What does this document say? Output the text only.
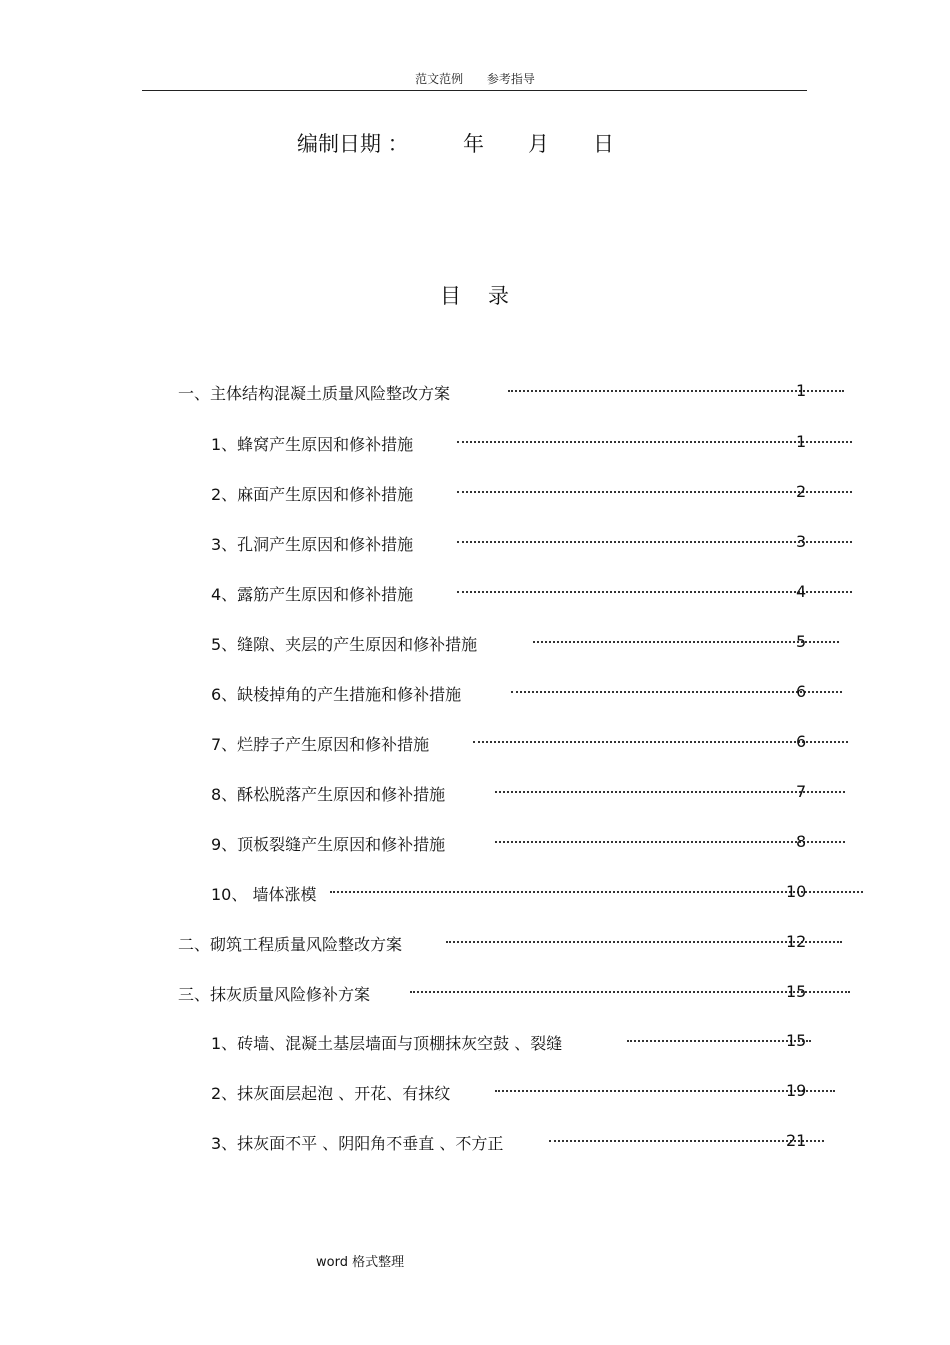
范文范例 参考指导
编制日期 ：	年 月 日
目 录
一、主体结构混凝土质量风险整改方案	1
1、蜂窝产生原因和修补措施	1
2、麻面产生原因和修补措施	2
3、孔洞产生原因和修补措施	3
4、露筋产生原因和修补措施	4
5、缝隙、夹层的产生原因和修补措施	5
6、缺棱掉角的产生措施和修补措施	6
7、烂脖子产生原因和修补措施	6
8、酥松脱落产生原因和修补措施	7
9、顶板裂缝产生原因和修补措施	8
10、 墙体涨模	10
二、砌筑工程质量风险整改方案	12
三、抹灰质量风险修补方案	15
1、砖墙、混凝土基层墙面与顶棚抹灰空鼓 、裂缝	15
2、抹灰面层起泡 、开花、有抹纹	19
3、抹灰面不平 、阴阳角不垂直 、不方正	21
word 格式整理
